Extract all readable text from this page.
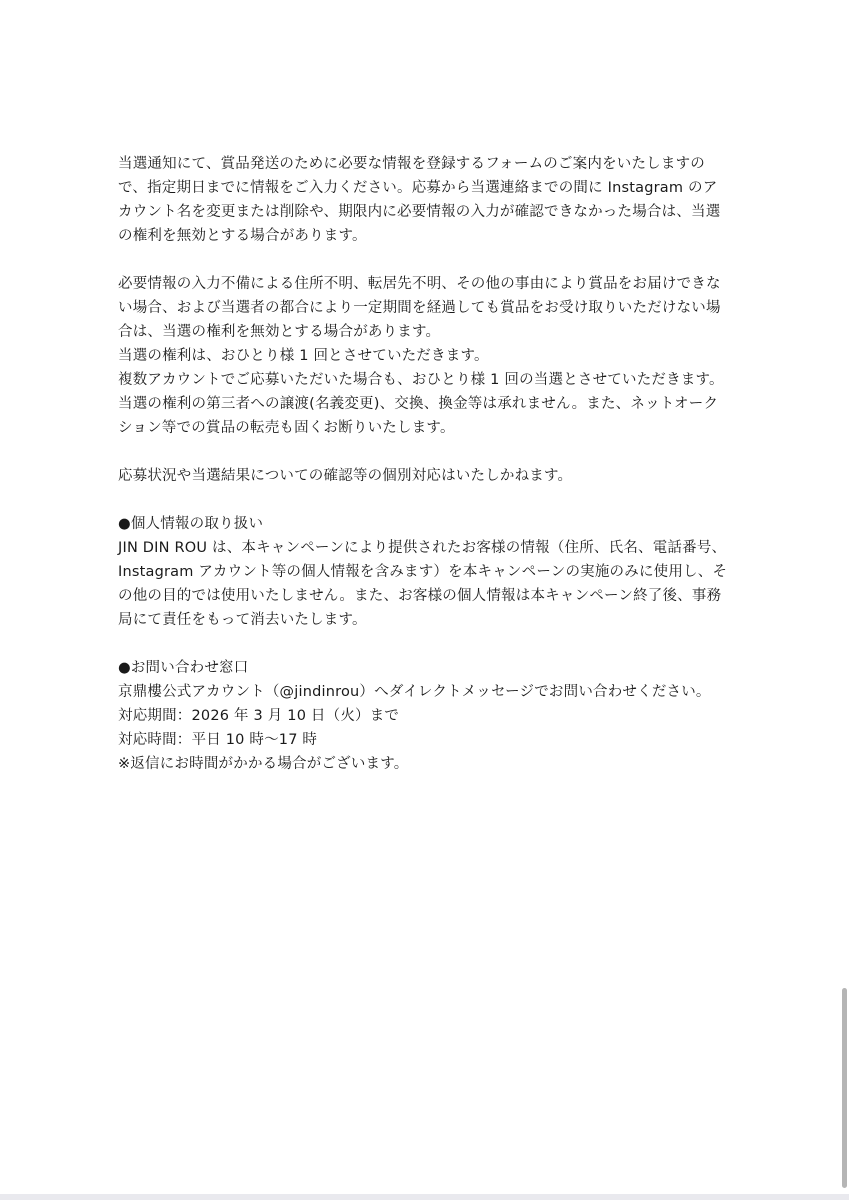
当選通知にて、賞品発送のために必要な情報を登録するフォームのご案内をいたしますので、指定期日までに情報をご入力ください。応募から当選連絡までの間に Instagram のアカウント名を変更または削除や、期限内に必要情報の入力が確認できなかった場合は、当選の権利を無効とする場合があります。

必要情報の入力不備による住所不明、転居先不明、その他の事由により賞品をお届けできない場合、および当選者の都合により一定期間を経過しても賞品をお受け取りいただけない場合は、当選の権利を無効とする場合があります。

当選の権利は、おひとり様 1 回とさせていただきます。

複数アカウントでご応募いただいた場合も、おひとり様 1 回の当選とさせていただきます。

当選の権利の第三者への譲渡(名義変更)、交換、換金等は承れません。また、ネットオークション等での賞品の転売も固くお断りいたします。

応募状況や当選結果についての確認等の個別対応はいたしかねます。

●個人情報の取り扱い

JIN DIN ROU は、本キャンペーンにより提供されたお客様の情報（住所、氏名、電話番号、Instagram アカウント等の個人情報を含みます）を本キャンペーンの実施のみに使用し、その他の目的では使用いたしません。また、お客様の個人情報は本キャンペーン終了後、事務局にて責任をもって消去いたします。

●お問い合わせ窓口

京鼎樓公式アカウント（@jindinrou）へダイレクトメッセージでお問い合わせください。

対応期間：2026 年 3 月 10 日（火）まで

対応時間：平日 10 時〜17 時

※返信にお時間がかかる場合がございます。
